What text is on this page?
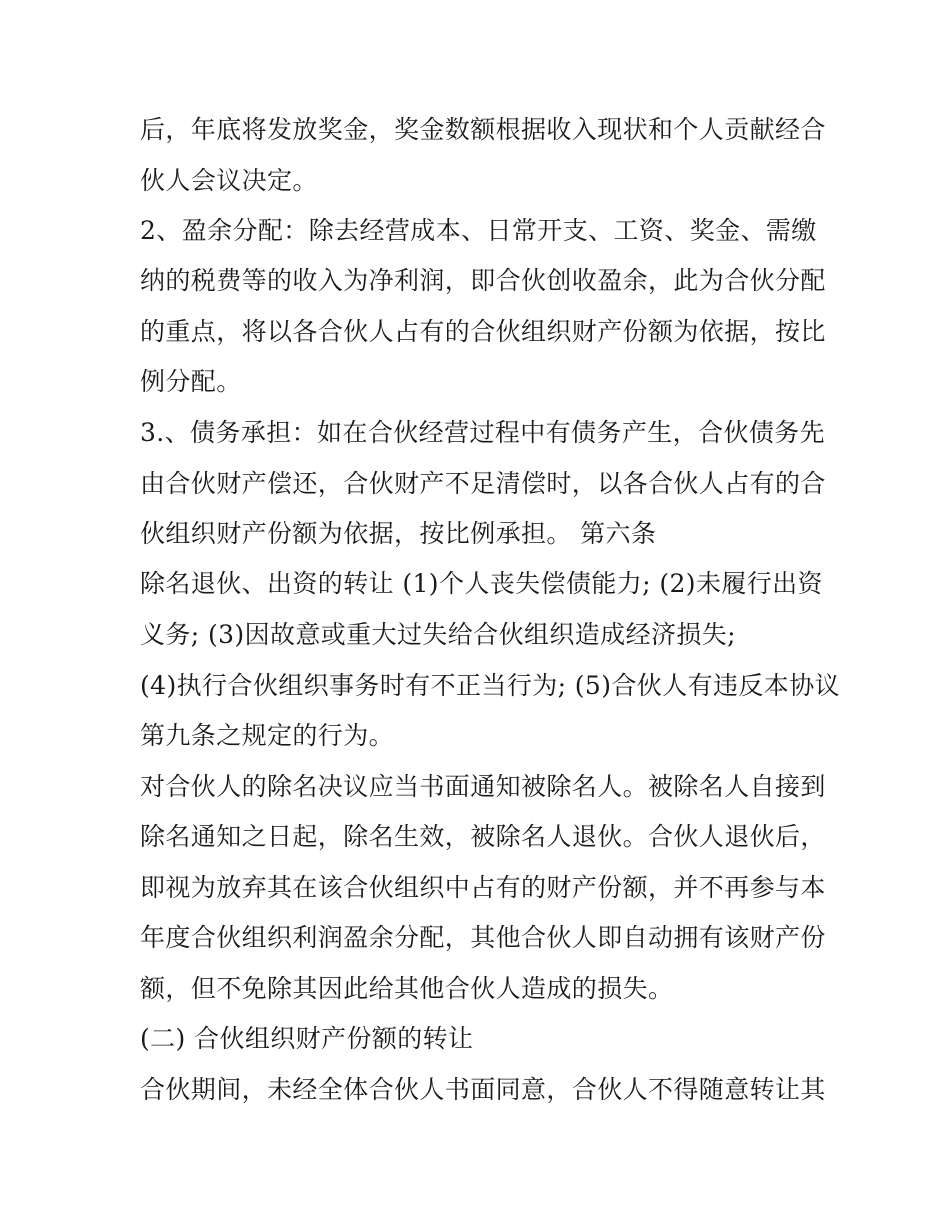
后，年底将发放奖金，奖金数额根据收入现状和个人贡献经合
伙人会议决定。
2、盈余分配：除去经营成本、日常开支、工资、奖金、需缴
纳的税费等的收入为净利润，即合伙创收盈余，此为合伙分配
的重点，将以各合伙人占有的合伙组织财产份额为依据，按比
例分配。
3.、债务承担：如在合伙经营过程中有债务产生，合伙债务先
由合伙财产偿还，合伙财产不足清偿时，以各合伙人占有的合
伙组织财产份额为依据，按比例承担。 第六条
除名退伙、出资的转让 (1)个人丧失偿债能力; (2)未履行出资
义务; (3)因故意或重大过失给合伙组织造成经济损失;
(4)执行合伙组织事务时有不正当行为; (5)合伙人有违反本协议
第九条之规定的行为。
对合伙人的除名决议应当书面通知被除名人。被除名人自接到
除名通知之日起，除名生效，被除名人退伙。合伙人退伙后，
即视为放弃其在该合伙组织中占有的财产份额，并不再参与本
年度合伙组织利润盈余分配，其他合伙人即自动拥有该财产份
额，但不免除其因此给其他合伙人造成的损失。
(二) 合伙组织财产份额的转让
合伙期间，未经全体合伙人书面同意，合伙人不得随意转让其
